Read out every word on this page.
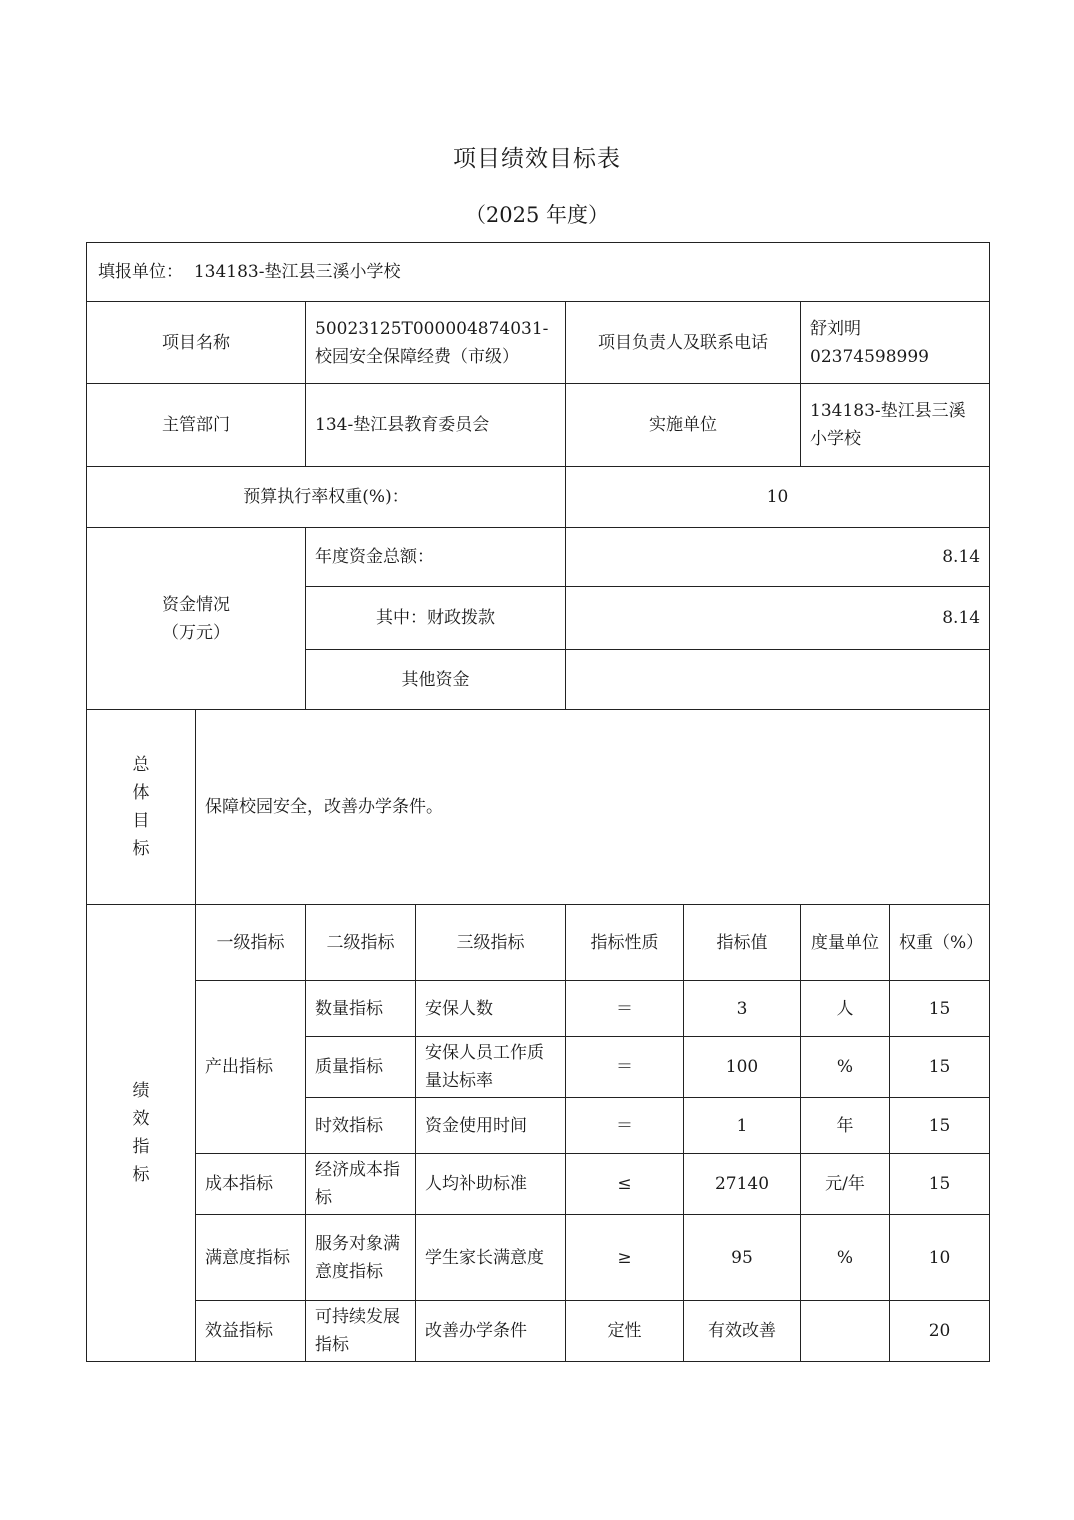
项目绩效目标表
（2025 年度）
填报单位： 134183-垫江县三溪小学校							
项目名称		50023125T000004874031-校园安全保障经费（市级）		项目负责人及联系电话		舒刘明
02374598999	

主管部门		134-垫江县教育委员会		实施单位		134183-垫江县三溪小学校	
预算执行率权重(%)：				10			

资金情况
（万元）		年度资金总额：		8.14			
		其中：财政拨款		8.14			
		其他资金					

总
体
目
标	保障校园安全，改善办学条件。						

绩
效
指
标	一级指标	二级指标	三级指标	指标性质	指标值	度量单位	权重（%）
	产出指标	数量指标	安保人数	＝	3	人	15
		质量指标	安保人员工作质量达标率	＝	100	%	15
		时效指标	资金使用时间	＝	1	年	15
	成本指标	经济成本指标	人均补助标准	≤	27140	元/年	15
	满意度指标	服务对象满意度指标	学生家长满意度	≥	95	%	10
	效益指标	可持续发展指标	改善办学条件	定性	有效改善		20
